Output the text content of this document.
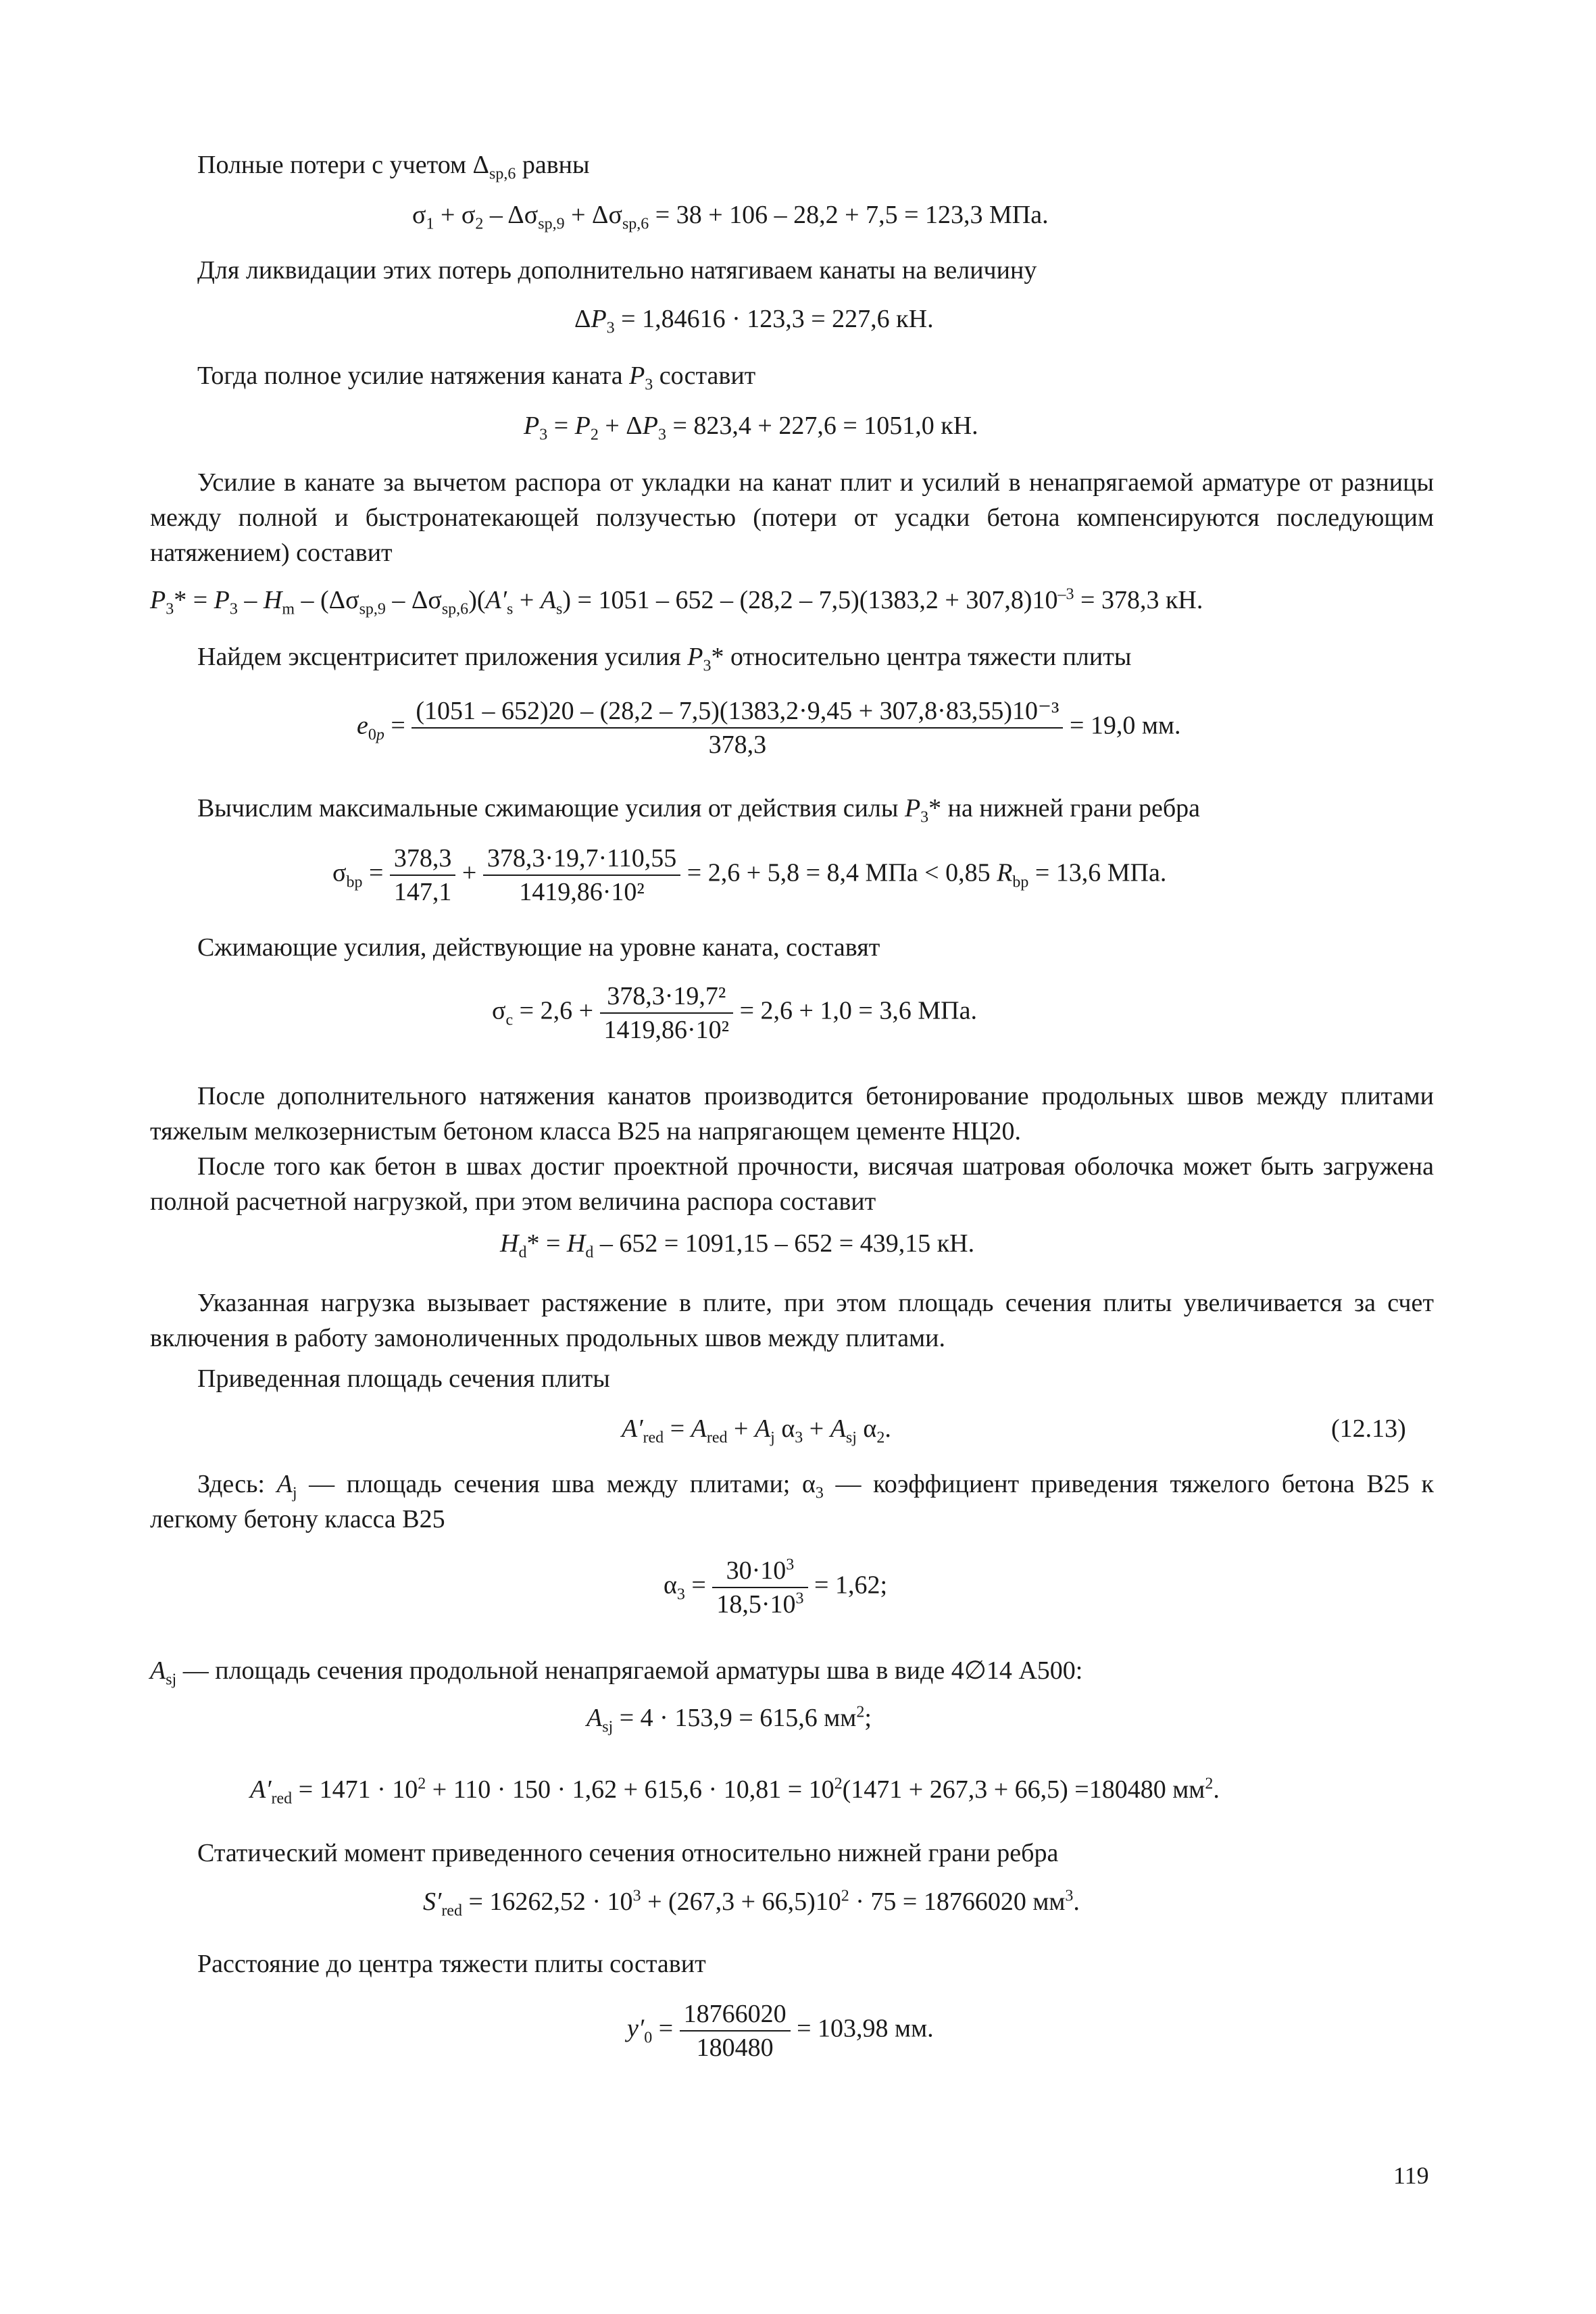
Полные потери с учетом $\Delta_{sp,6}$ равны
$\sigma_1 + \sigma_2 - \Delta\sigma_{sp,9} + \Delta\sigma_{sp,6} = 38 + 106 - 28,2 + 7,5 = 123,3$ МПа.
Для ликвидации этих потерь дополнительно натягиваем канаты на величину
$\Delta P_3 = 1,84616 \cdot 123,3 = 227,6$ кН.
Тогда полное усилие натяжения каната $P_3$ составит
$P_3 = P_2 + \Delta P_3 = 823,4 + 227,6 = 1051,0$ кН.
Усилие в канате за вычетом распора от укладки на канат плит и усилий в ненапрягаемой арматуре от разницы между полной и быстронатекающей ползучестью (потери от усадки бетона компенсируются последующим натяжением) составит
$P_3* = P_3 - H_m - (\Delta\sigma_{sp,9} - \Delta\sigma_{sp,6})(A'_s + A_s) = 1051 - 652 - (28,2 - 7,5)(1383,2 + 307,8)10^{-3} = 378,3$ кН.
Найдем эксцентриситет приложения усилия $P_3*$ относительно центра тяжести плиты
$e_{0p} = \frac{\text{(1051 – 652)20 – (28,2 – 7,5)(1383,2·9,45 + 307,8·83,55)10⁻³}}{378,3} = 19,0$ мм.
Вычислим максимальные сжимающие усилия от действия силы $P_3*$ на нижней грани ребра
$\sigma_{bp} = \frac{378,3}{147,1} + \frac{378,3\cdot 19,7\cdot 110,55}{\text{1419,86·10²}} = 2,6 + 5,8 = 8,4$ МПа < 0,85 $R_{bp} = 13,6$ МПа.
Сжимающие усилия, действующие на уровне каната, составят
$\sigma_c = 2,6 + \frac{\text{378,3·19,7²}}{\text{1419,86·10²}} = 2,6 + 1,0 = 3,6$ МПа.
После дополнительного натяжения канатов производится бетонирование продольных швов между плитами тяжелым мелкозернистым бетоном класса B25 на напрягающем цементе НЦ20.
После того как бетон в швах достиг проектной прочности, висячая шатровая оболочка может быть загружена полной расчетной нагрузкой, при этом величина распора составит
$H_d* = H_d - 652 = 1091,15 - 652 = 439,15$ кН.
Указанная нагрузка вызывает растяжение в плите, при этом площадь сечения плиты увеличивается за счет включения в работу замоноличенных продольных швов между плитами.
Приведенная площадь сечения плиты
$A'_{red} = A_{red} + A_j$ $\alpha_3 + A_{sj}$ $\alpha_2$.	(12.13)
Здесь: $A_j$ — площадь сечения шва между плитами; $\alpha_3$ — коэффициент приведения тяжелого бетона B25 к легкому бетону класса B25
$\alpha_3 = \frac{30\cdot 10^3}{18,5\cdot 10^3} = 1,62$;
$A_{sj}$ — площадь сечения продольной ненапрягаемой арматуры шва в виде 4∅14 A500:
$A_{sj} = 4 \cdot 153,9 = 615,6$ $мм^2$;
$A'_{red} = 1471 \cdot 10^2 + 110 \cdot 150 \cdot 1,62 + 615,6 \cdot 10,81 = 10^2(1471 + 267,3 + 66,5) =180480$ $мм^2$.
Статический момент приведенного сечения относительно нижней грани ребра
$S'_{red} = 16262,52 \cdot 10^3 + (267,3 + 66,5)10^2 \cdot 75 = 18766020$ $мм^3$.
Расстояние до центра тяжести плиты составит
$y'_0 = \frac{18766020}{180480} = 103,98$ мм.
119
